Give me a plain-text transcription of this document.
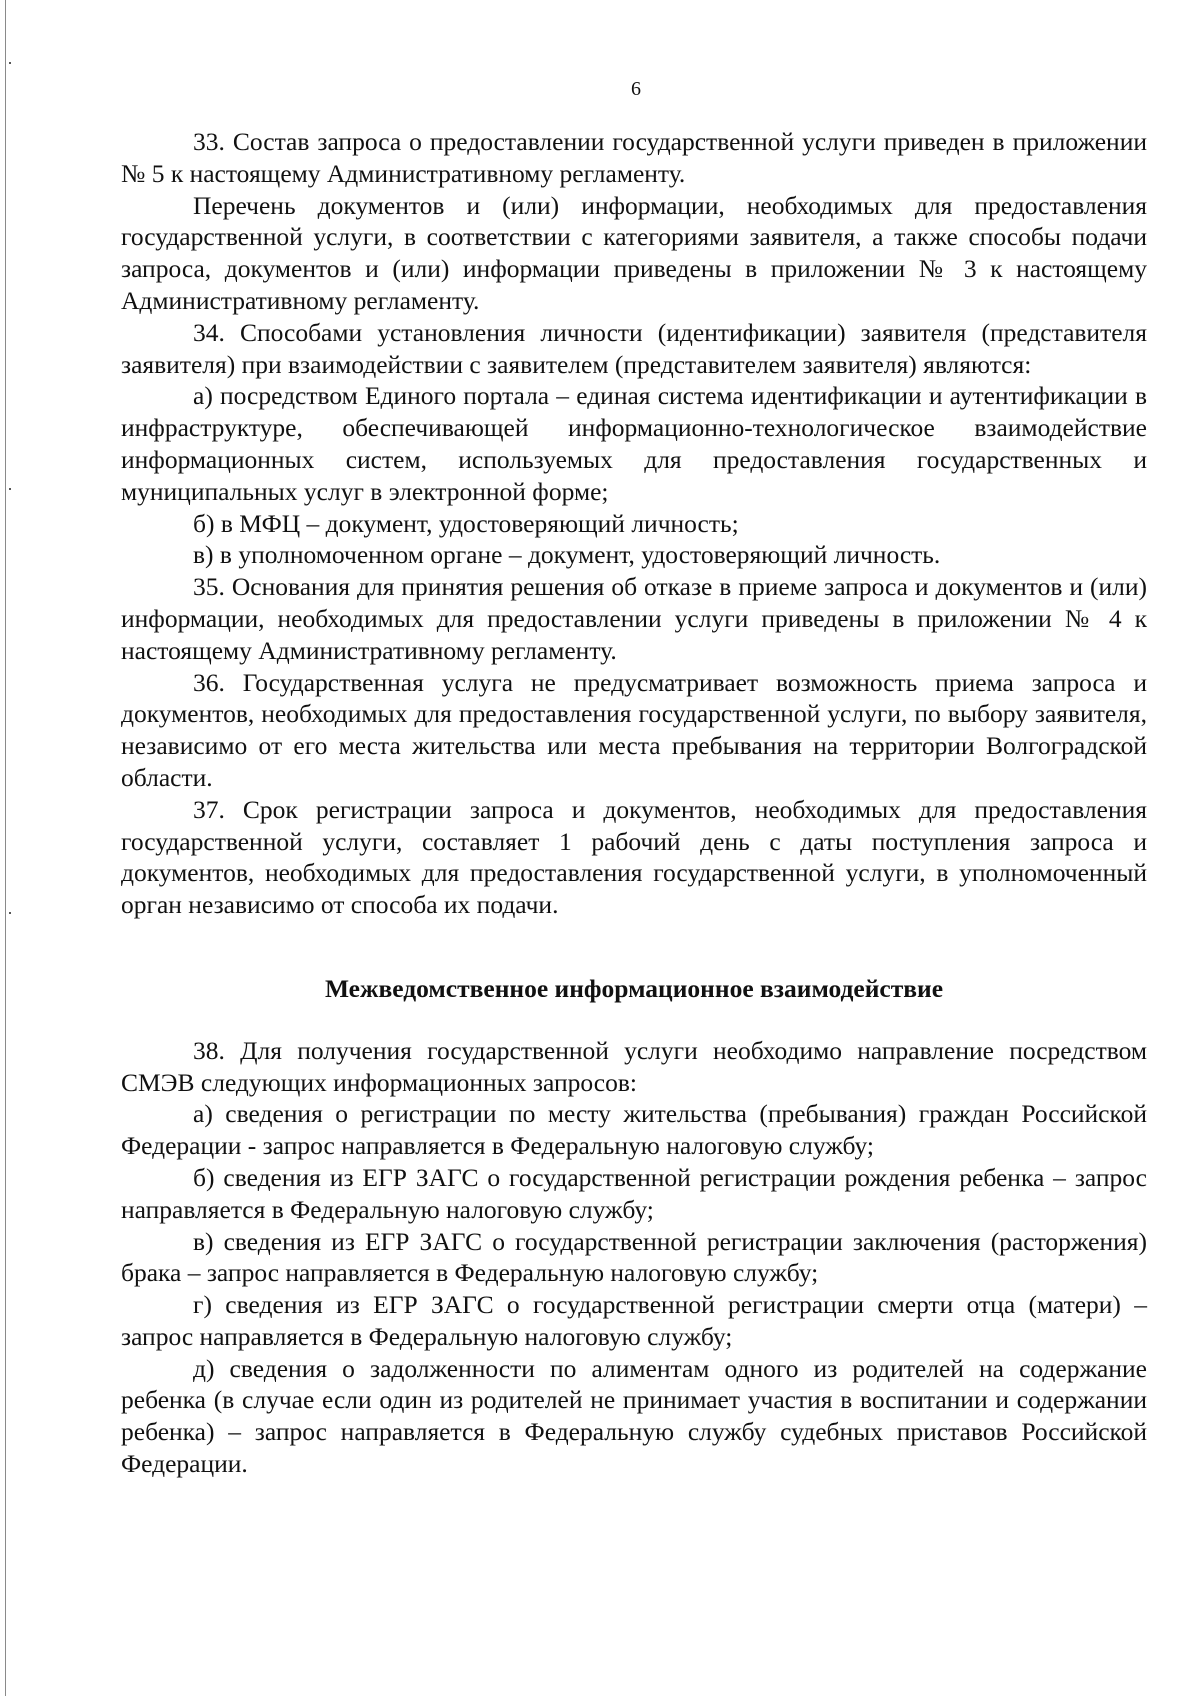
6

33. Состав запроса о предоставлении государственной услуги приведен в приложении № 5 к настоящему Административному регламенту.

Перечень документов и (или) информации, необходимых для предоставления государственной услуги, в соответствии с категориями заявителя, а также способы подачи запроса, документов и (или) информации приведены в приложении № 3 к настоящему Административному регламенту.

34. Способами установления личности (идентификации) заявителя (представителя заявителя) при взаимодействии с заявителем (представителем заявителя) являются:

а) посредством Единого портала – единая система идентификации и аутентификации в инфраструктуре, обеспечивающей информационно-технологическое взаимодействие информационных систем, используемых для предоставления государственных и муниципальных услуг в электронной форме;

б) в МФЦ – документ, удостоверяющий личность;

в) в уполномоченном органе – документ, удостоверяющий личность.

35. Основания для принятия решения об отказе в приеме запроса и документов и (или) информации, необходимых для предоставлении услуги приведены в приложении № 4 к настоящему Административному регламенту.

36. Государственная услуга не предусматривает возможность приема запроса и документов, необходимых для предоставления государственной услуги, по выбору заявителя, независимо от его места жительства или места пребывания на территории Волгоградской области.

37. Срок регистрации запроса и документов, необходимых для предоставления государственной услуги, составляет 1 рабочий день с даты поступления запроса и документов, необходимых для предоставления государственной услуги, в уполномоченный орган независимо от способа их подачи.

Межведомственное информационное взаимодействие

38. Для получения государственной услуги необходимо направление посредством СМЭВ следующих информационных запросов:

а) сведения о регистрации по месту жительства (пребывания) граждан Российской Федерации - запрос направляется в Федеральную налоговую службу;

б) сведения из ЕГР ЗАГС о государственной регистрации рождения ребенка – запрос направляется в Федеральную налоговую службу;

в) сведения из ЕГР ЗАГС о государственной регистрации заключения (расторжения) брака – запрос направляется в Федеральную налоговую службу;

г) сведения из ЕГР ЗАГС о государственной регистрации смерти отца (матери) – запрос направляется в Федеральную налоговую службу;

д) сведения о задолженности по алиментам одного из родителей на содержание ребенка (в случае если один из родителей не принимает участия в воспитании и содержании ребенка) – запрос направляется в Федеральную службу судебных приставов Российской Федерации.
